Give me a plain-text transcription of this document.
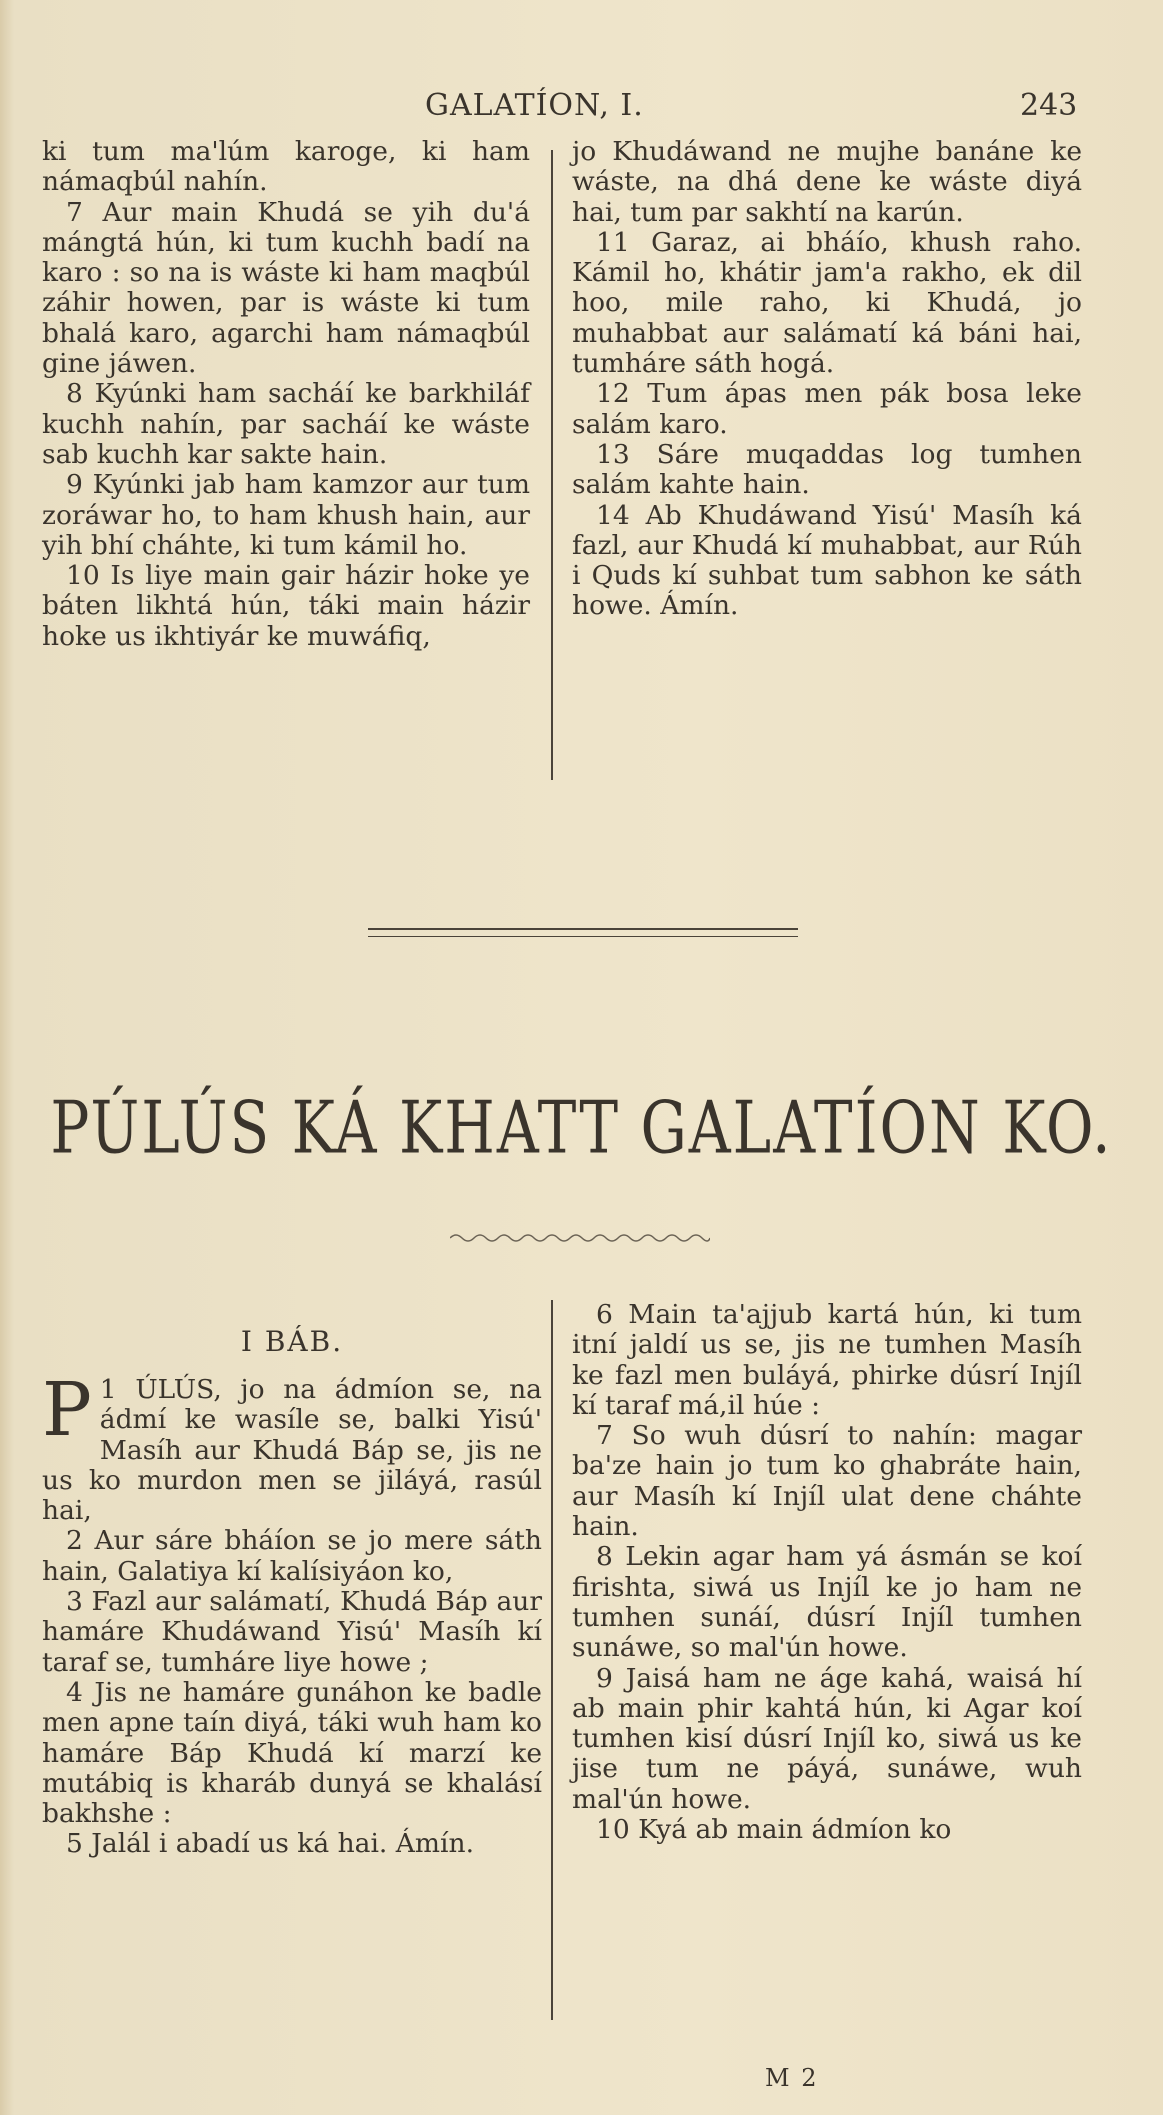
GALATÍON, I.	243

ki tum ma'lúm karoge, ki ham námaqbúl nahín.

7 Aur main Khudá se yih du'á mángtá hún, ki tum kuchh badí na karo : so na is wáste ki ham maqbúl záhir howen, par is wáste ki tum bhalá karo, agarchi ham námaqbúl gine jáwen.

8 Kyúnki ham sacháí ke barkhiláf kuchh nahín, par sacháí ke wáste sab kuchh kar sakte hain.

9 Kyúnki jab ham kamzor aur tum zoráwar ho, to ham khush hain, aur yih bhí cháhte, ki tum kámil ho.

10 Is liye main gair házir hoke ye báten likhtá hún, táki main házir hoke us ikhtiyár ke muwáfiq,

jo Khudáwand ne mujhe banáne ke wáste, na dhá dene ke wáste diyá hai, tum par sakhtí na karún.

11 Garaz, ai bháío, khush raho. Kámil ho, khátir jam'a rakho, ek dil hoo, mile raho, ki Khudá, jo muhabbat aur salámatí ká báni hai, tumháre sáth hogá.

12 Tum ápas men pák bosa leke salám karo.

13 Sáre muqaddas log tumhen salám kahte hain.

14 Ab Khudáwand Yisú' Masíh ká fazl, aur Khudá kí muhabbat, aur Rúh i Quds kí suhbat tum sabhon ke sáth howe. Ámín.

PÚLÚS KÁ KHATT GALATÍON KO.
I BÁB.

1
P ÚLÚS, jo na ádmíon se, na ádmí ke wasíle se, balki Yisú' Masíh aur Khudá Báp se, jis ne us ko murdon men se jiláyá, rasúl hai,

2 Aur sáre bháíon se jo mere sáth hain, Galatiya kí kalísiyáon ko,

3 Fazl aur salámatí, Khudá Báp aur hamáre Khudáwand Yisú' Masíh kí taraf se, tumháre liye howe ;

4 Jis ne hamáre gunáhon ke badle men apne taín diyá, táki wuh ham ko hamáre Báp Khudá kí marzí ke mutábiq is kharáb dunyá se khalásí bakhshe :

5 Jalál i abadí us ká hai. Ámín.

6 Main ta'ajjub kartá hún, ki tum itní jaldí us se, jis ne tumhen Masíh ke fazl men buláyá, phirke dúsrí Injíl kí taraf má,il húe :

7 So wuh dúsrí to nahín: magar ba'ze hain jo tum ko ghabráte hain, aur Masíh kí Injíl ulat dene cháhte hain.

8 Lekin agar ham yá ásmán se koí firishta, siwá us Injíl ke jo ham ne tumhen sunáí, dúsrí Injíl tumhen sunáwe, so mal'ún howe.

9 Jaisá ham ne áge kahá, waisá hí ab main phir kahtá hún, ki Agar koí tumhen kisí dúsrí Injíl ko, siwá us ke jise tum ne páyá, sunáwe, wuh mal'ún howe.

10 Kyá ab main ádmíon ko

M 2
